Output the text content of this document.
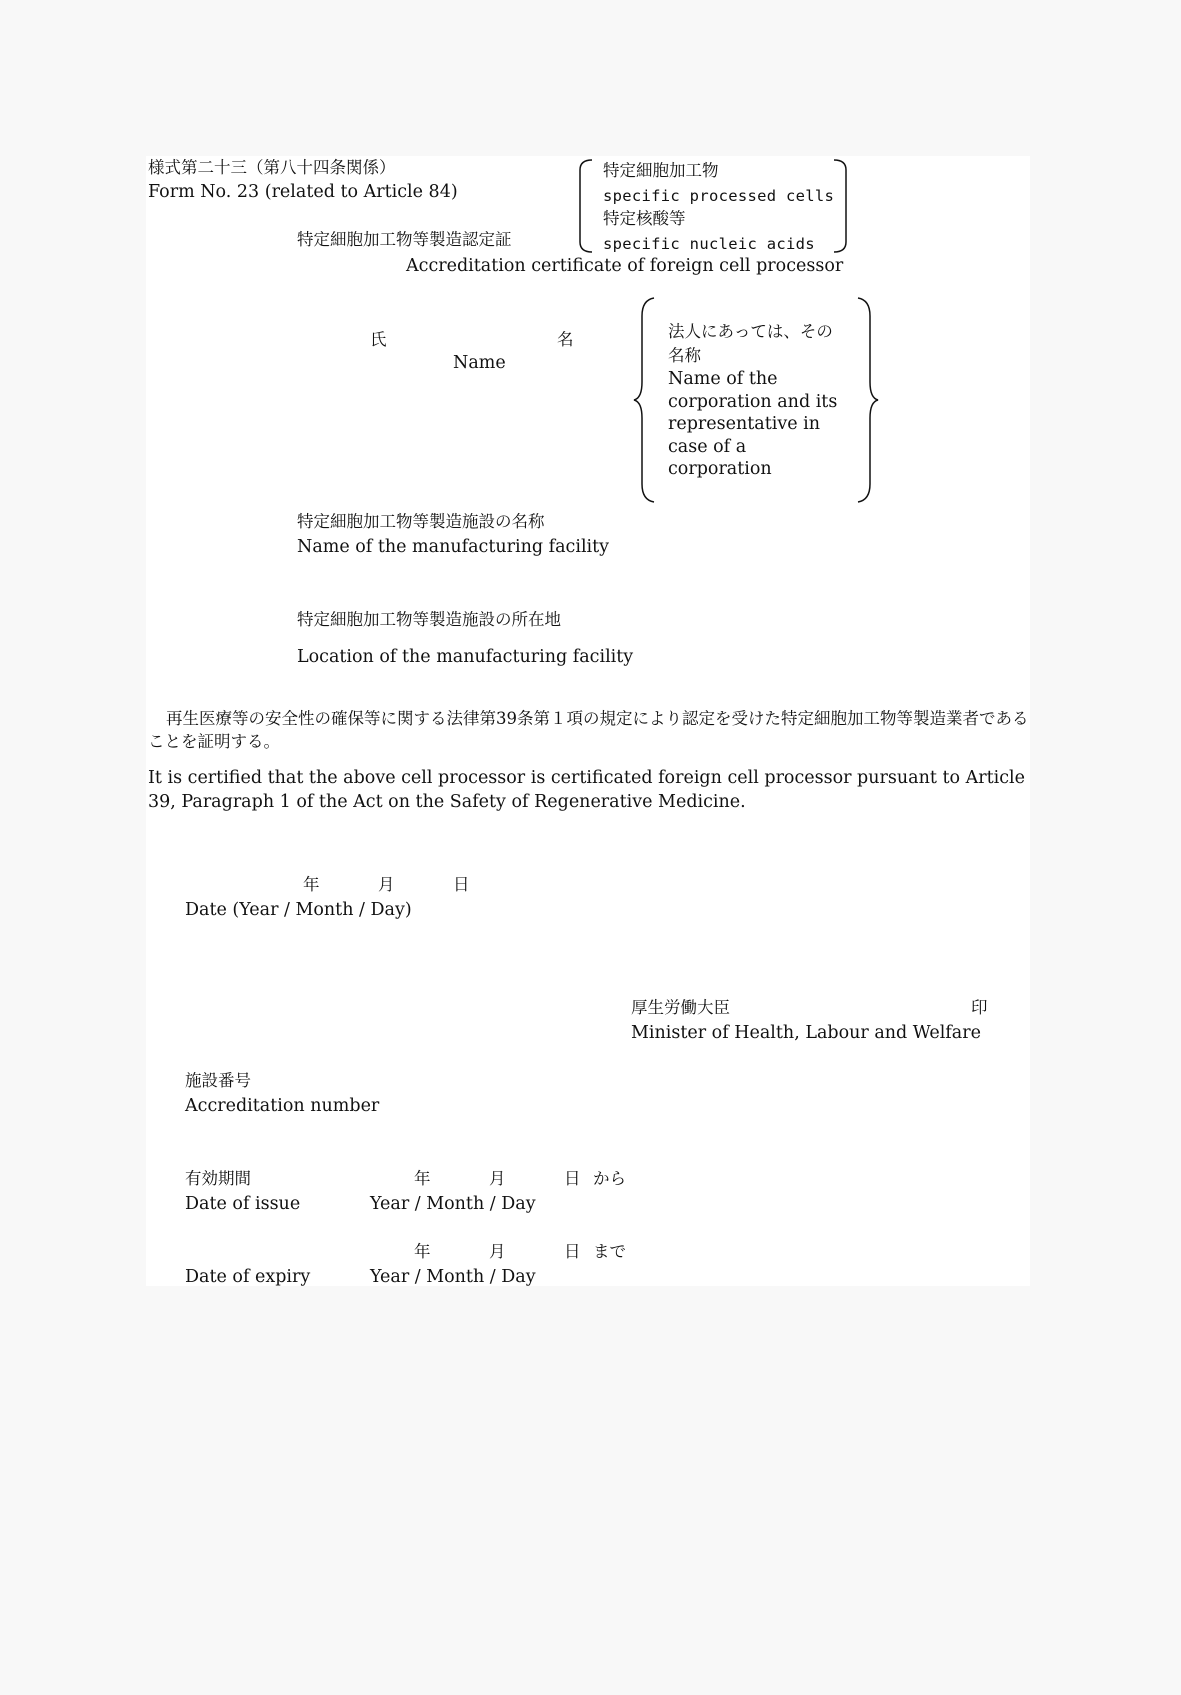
様式第二十三（第八十四条関係）
Form No. 23 (related to Article 84)
特定細胞加工物
specific processed cells
特定核酸等
specific nucleic acids
特定細胞加工物等製造認定証
Accreditation certificate of foreign cell processor
氏	名
Name
法人にあっては、その名称
Name of the corporation and its representative in case of a corporation
特定細胞加工物等製造施設の名称
Name of the manufacturing facility
特定細胞加工物等製造施設の所在地
Location of the manufacturing facility
再生医療等の安全性の確保等に関する法律第39条第１項の規定により認定を受けた特定細胞加工物等製造業者であることを証明する。
It is certified that the above cell processor is certificated foreign cell processor pursuant to Article 39, Paragraph 1 of the Act on the Safety of Regenerative Medicine.
年	月	日
Date (Year / Month / Day)
厚生労働大臣	印
Minister of Health, Labour and Welfare
施設番号
Accreditation number
有効期間	年	月	日 から
Date of issue	Year / Month / Day
年	月	日 まで
Date of expiry	Year / Month / Day
